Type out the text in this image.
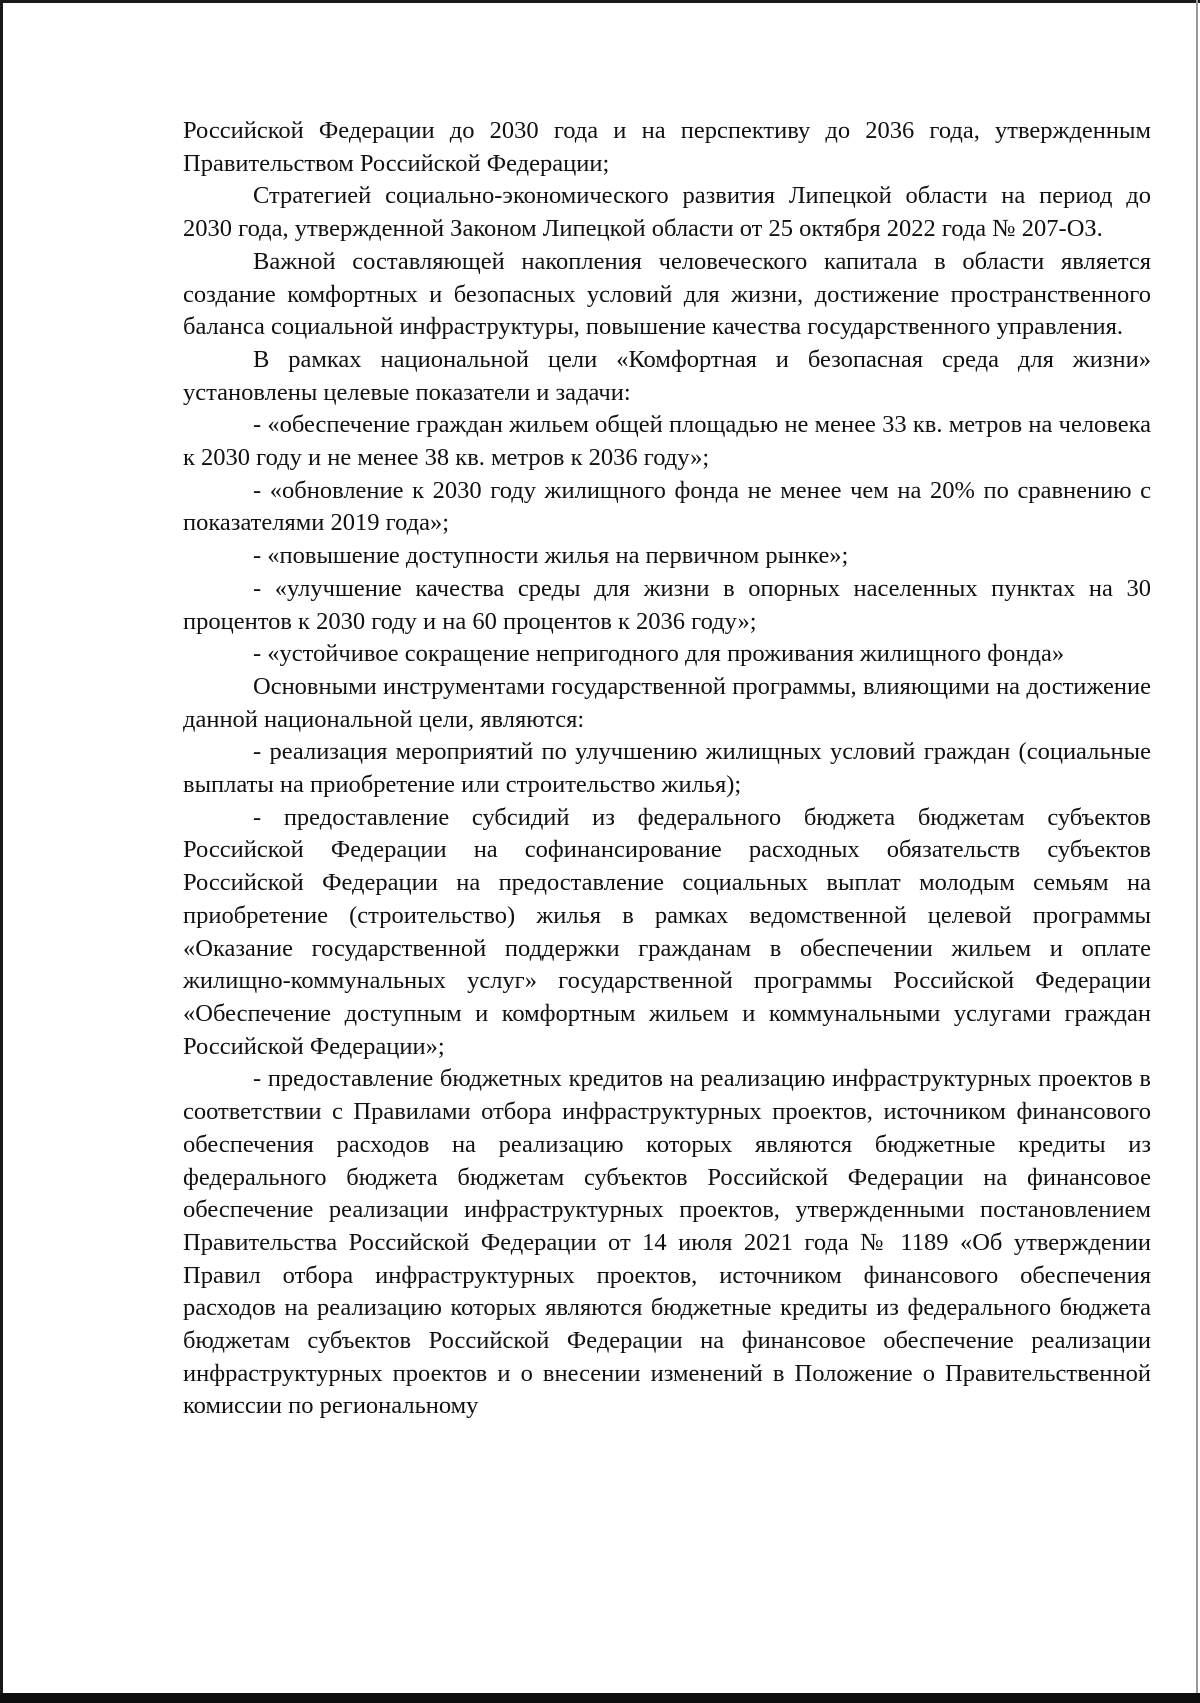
Российской Федерации до 2030 года и на перспективу до 2036 года, утвержденным Правительством Российской Федерации;

Стратегией социально-экономического развития Липецкой области на период до 2030 года, утвержденной Законом Липецкой области от 25 октября 2022 года № 207-ОЗ.

Важной составляющей накопления человеческого капитала в области является создание комфортных и безопасных условий для жизни, достижение пространственного баланса социальной инфраструктуры, повышение качества государственного управления.

В рамках национальной цели «Комфортная и безопасная среда для жизни» установлены целевые показатели и задачи:

- «обеспечение граждан жильем общей площадью не менее 33 кв. метров на человека к 2030 году и не менее 38 кв. метров к 2036 году»;

- «обновление к 2030 году жилищного фонда не менее чем на 20% по сравнению с показателями 2019 года»;

- «повышение доступности жилья на первичном рынке»;

- «улучшение качества среды для жизни в опорных населенных пунктах на 30 процентов к 2030 году и на 60 процентов к 2036 году»;

- «устойчивое сокращение непригодного для проживания жилищного фонда»

Основными инструментами государственной программы, влияющими на достижение данной национальной цели, являются:

- реализация мероприятий по улучшению жилищных условий граждан (социальные выплаты на приобретение или строительство жилья);

- предоставление субсидий из федерального бюджета бюджетам субъектов Российской Федерации на софинансирование расходных обязательств субъектов Российской Федерации на предоставление социальных выплат молодым семьям на приобретение (строительство) жилья в рамках ведомственной целевой программы «Оказание государственной поддержки гражданам в обеспечении жильем и оплате жилищно-коммунальных услуг» государственной программы Российской Федерации «Обеспечение доступным и комфортным жильем и коммунальными услугами граждан Российской Федерации»;

- предоставление бюджетных кредитов на реализацию инфраструктурных проектов в соответствии с Правилами отбора инфраструктурных проектов, источником финансового обеспечения расходов на реализацию которых являются бюджетные кредиты из федерального бюджета бюджетам субъектов Российской Федерации на финансовое обеспечение реализации инфраструктурных проектов, утвержденными постановлением Правительства Российской Федерации от 14 июля 2021 года № 1189 «Об утверждении Правил отбора инфраструктурных проектов, источником финансового обеспечения расходов на реализацию которых являются бюджетные кредиты из федерального бюджета бюджетам субъектов Российской Федерации на финансовое обеспечение реализации инфраструктурных проектов и о внесении изменений в Положение о Правительственной комиссии по региональному
